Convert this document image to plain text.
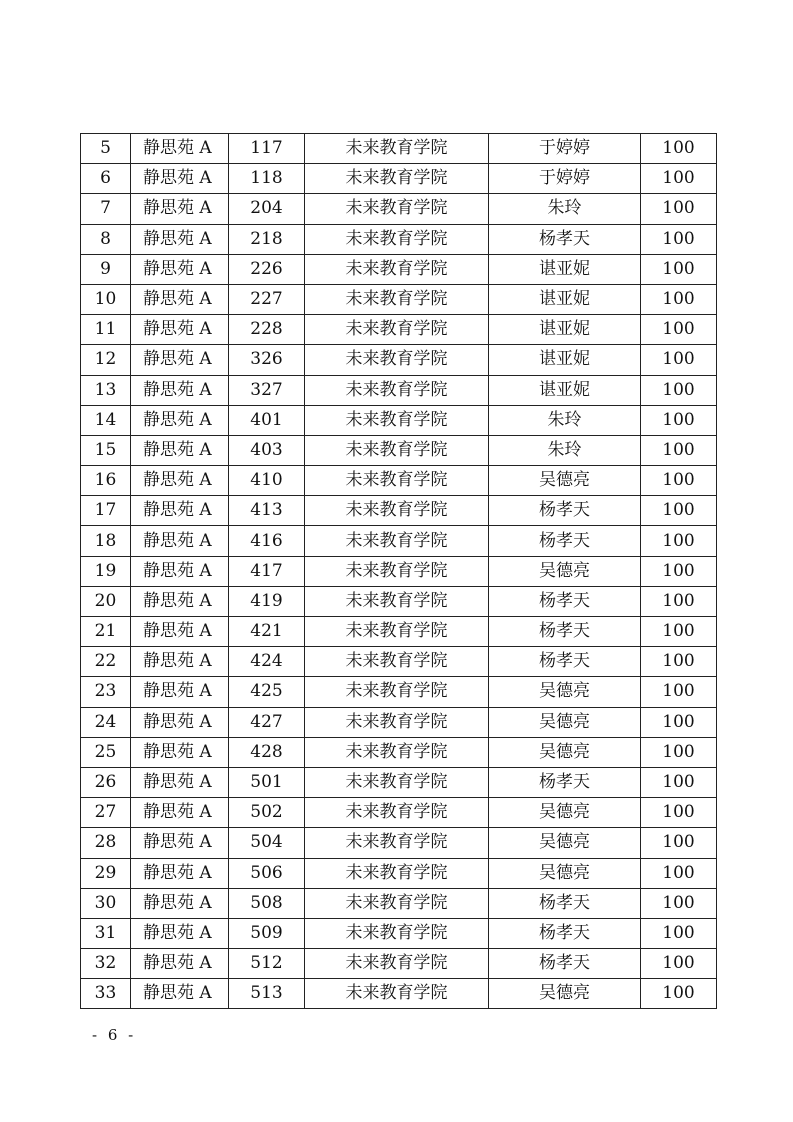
5	静思苑 A	117	未来教育学院	于婷婷	100
6	静思苑 A	118	未来教育学院	于婷婷	100
7	静思苑 A	204	未来教育学院	朱玲	100
8	静思苑 A	218	未来教育学院	杨孝天	100
9	静思苑 A	226	未来教育学院	谌亚妮	100
10	静思苑 A	227	未来教育学院	谌亚妮	100
11	静思苑 A	228	未来教育学院	谌亚妮	100
12	静思苑 A	326	未来教育学院	谌亚妮	100
13	静思苑 A	327	未来教育学院	谌亚妮	100
14	静思苑 A	401	未来教育学院	朱玲	100
15	静思苑 A	403	未来教育学院	朱玲	100
16	静思苑 A	410	未来教育学院	吴德亮	100
17	静思苑 A	413	未来教育学院	杨孝天	100
18	静思苑 A	416	未来教育学院	杨孝天	100
19	静思苑 A	417	未来教育学院	吴德亮	100
20	静思苑 A	419	未来教育学院	杨孝天	100
21	静思苑 A	421	未来教育学院	杨孝天	100
22	静思苑 A	424	未来教育学院	杨孝天	100
23	静思苑 A	425	未来教育学院	吴德亮	100
24	静思苑 A	427	未来教育学院	吴德亮	100
25	静思苑 A	428	未来教育学院	吴德亮	100
26	静思苑 A	501	未来教育学院	杨孝天	100
27	静思苑 A	502	未来教育学院	吴德亮	100
28	静思苑 A	504	未来教育学院	吴德亮	100
29	静思苑 A	506	未来教育学院	吴德亮	100
30	静思苑 A	508	未来教育学院	杨孝天	100
31	静思苑 A	509	未来教育学院	杨孝天	100
32	静思苑 A	512	未来教育学院	杨孝天	100
33	静思苑 A	513	未来教育学院	吴德亮	100
- 6 -
